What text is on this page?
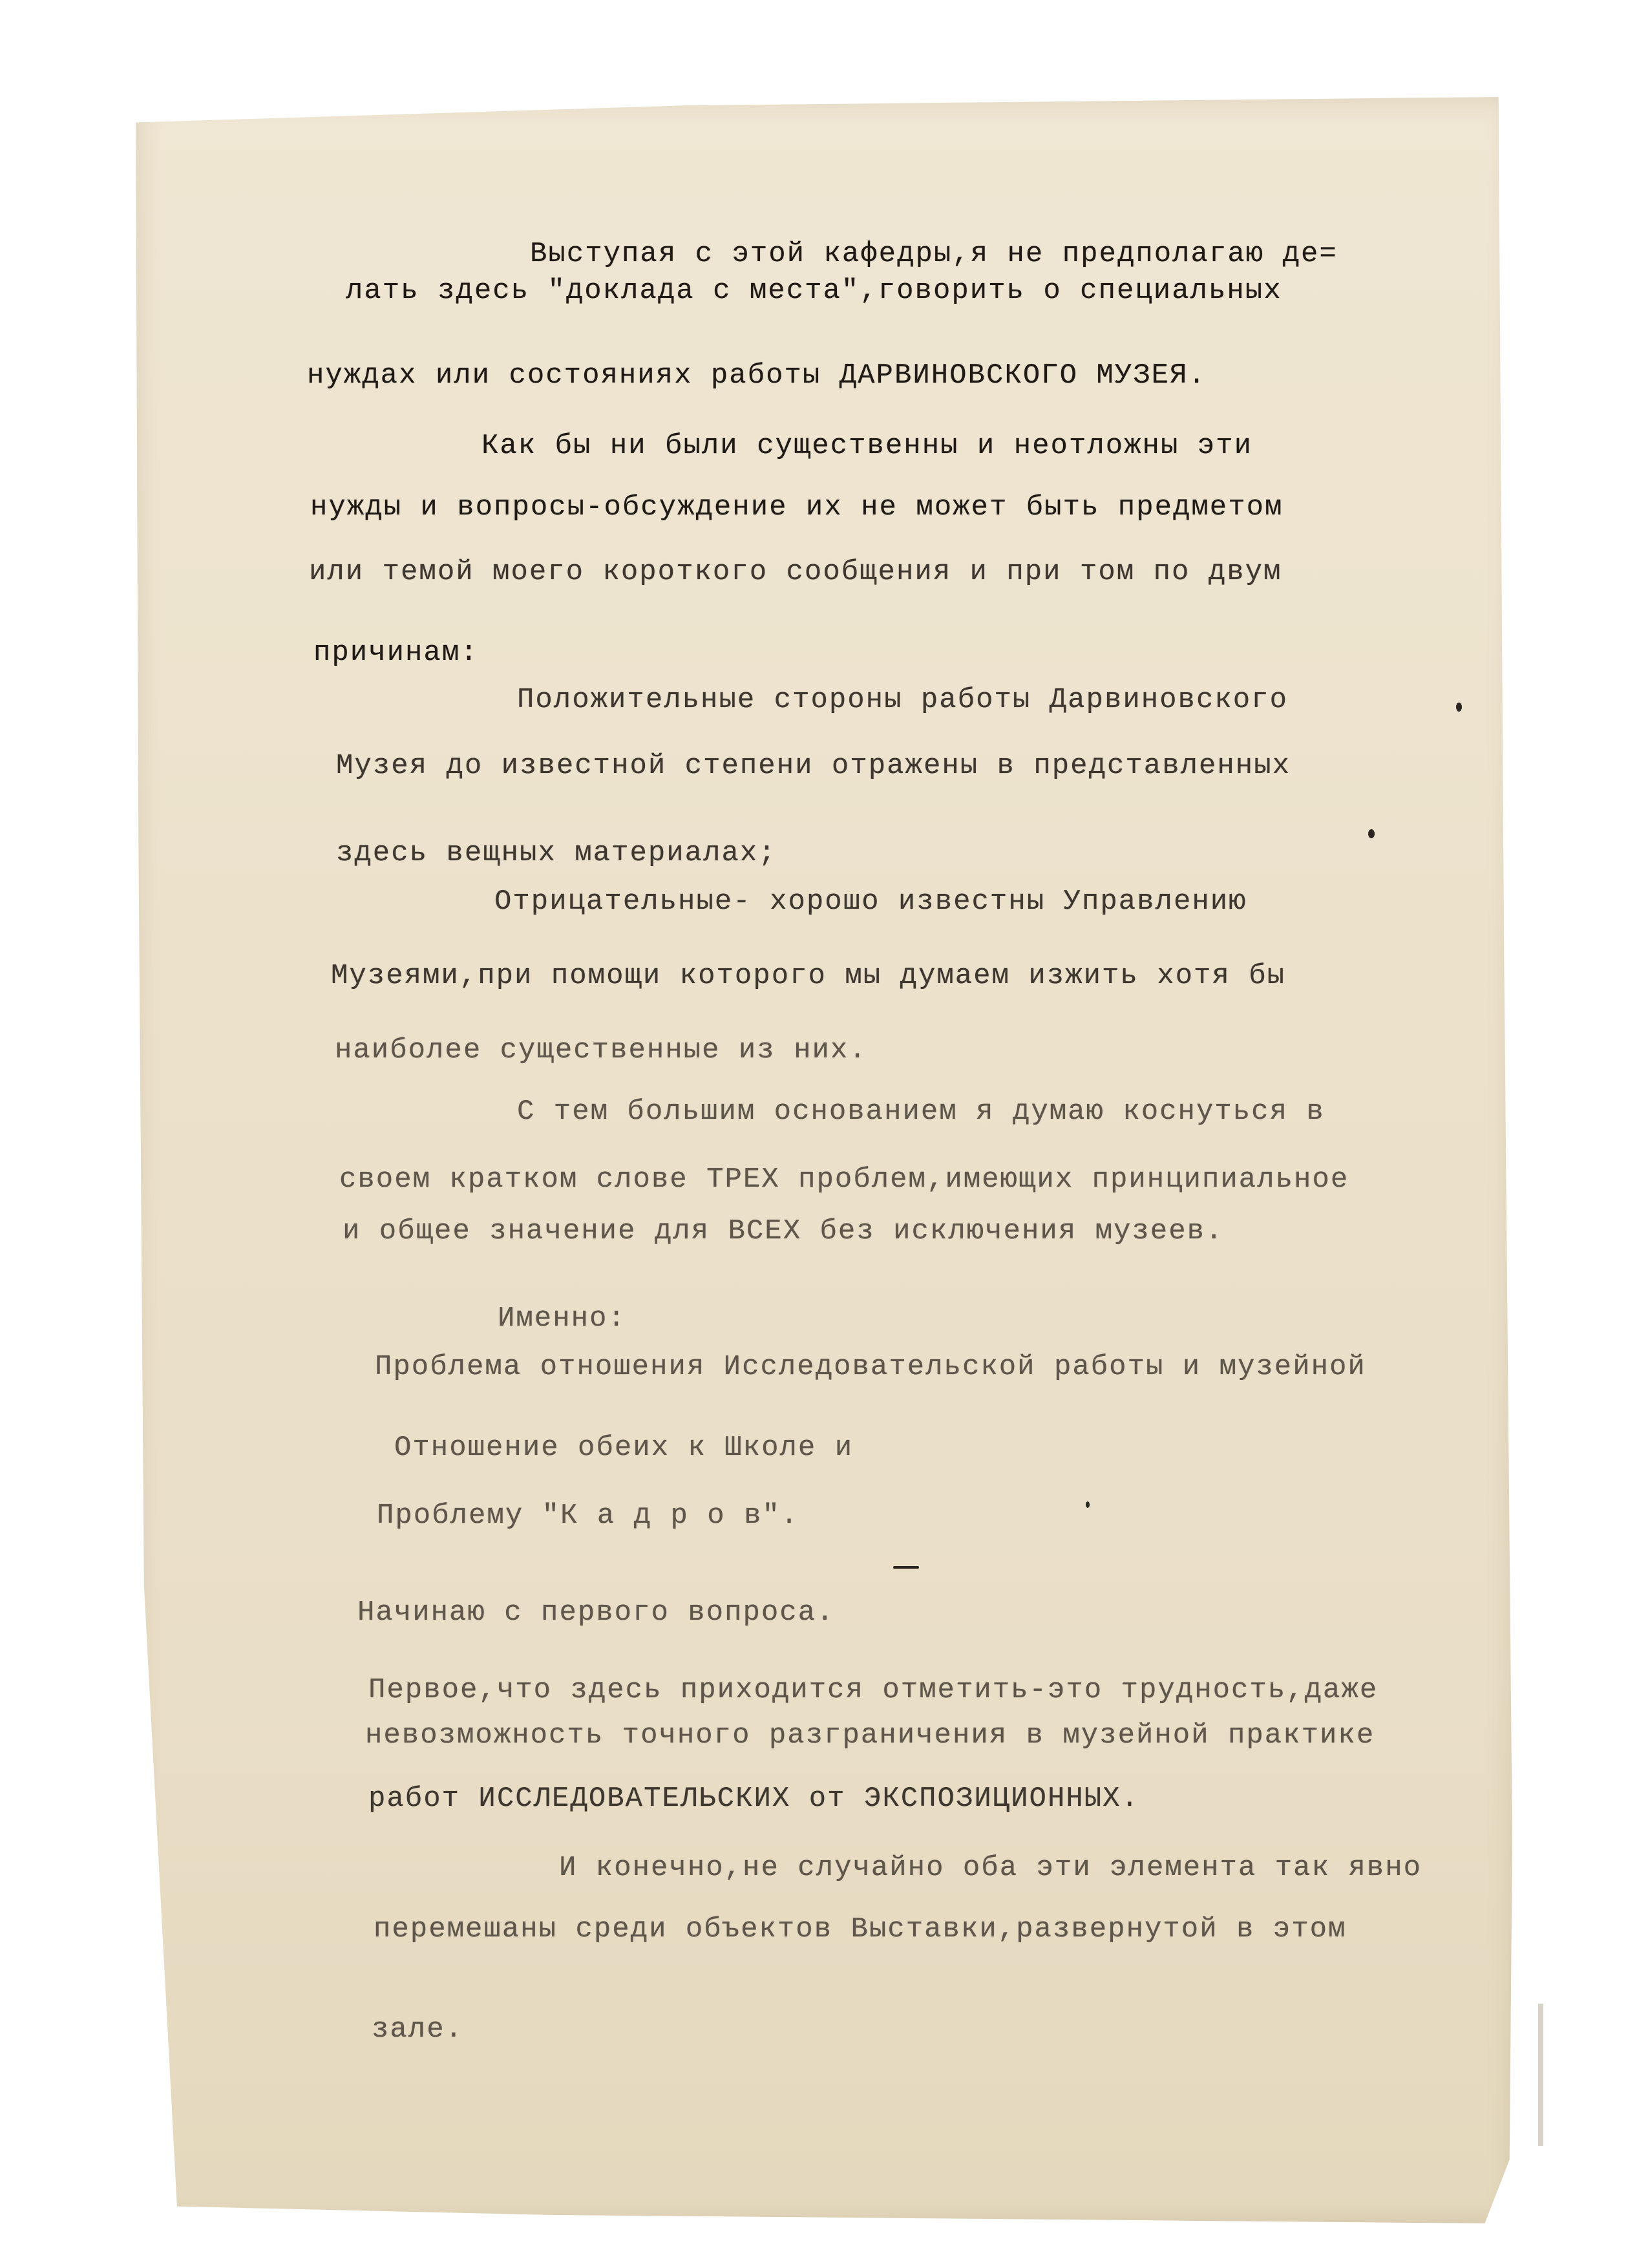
Выступая с этой кафедры,я не предполагаю де=
лать здесь "доклада с места",говорить о специальных
нуждах или состояниях работы ДАРВИНОВСКОГО МУЗЕЯ.
Как бы ни были существенны и неотложны эти
нужды и вопросы-обсуждение их не может быть предметом
или темой моего короткого сообщения и при том по двум
причинам:
Положительные стороны работы Дарвиновского
Музея до известной степени отражены в представленных
здесь вещных материалах;
Отрицательные- хорошо известны Управлению
Музеями,при помощи которого мы думаем изжить хотя бы
наиболее существенные из них.
С тем большим основанием я думаю коснуться в
своем кратком слове ТРЕХ проблем,имеющих принципиальное
и общее значение для ВСЕХ без исключения музеев.
Именно:
Проблема отношения Исследовательской работы и музейной
Отношение обеих к Школе и
Проблему "К а д р о в".
Начинаю с первого вопроса.
Первое,что здесь приходится отметить-это трудность,даже
невозможность точного разграничения в музейной практике
работ ИССЛЕДОВАТЕЛЬСКИХ от ЭКСПОЗИЦИОННЫХ.
И конечно,не случайно оба эти элемента так явно
перемешаны среди объектов Выставки,развернутой в этом
зале.
